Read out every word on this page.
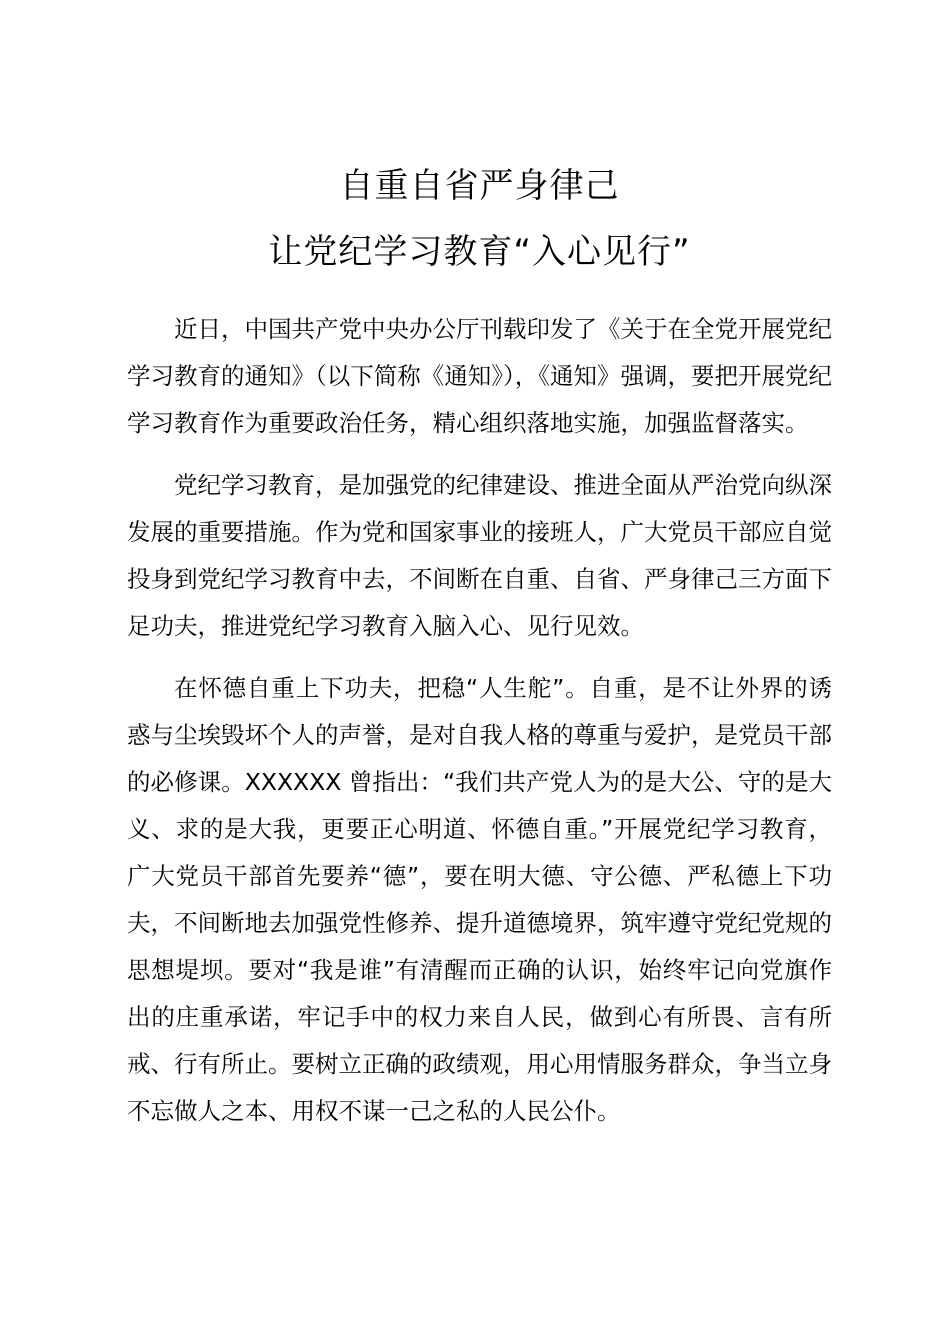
自重自省严身律己
让党纪学习教育“入心见行”

近日，中国共产党中央办公厅刊载印发了《关于在全党开展党纪学习教育的通知》（以下简称《通知》），《通知》强调，要把开展党纪学习教育作为重要政治任务，精心组织落地实施，加强监督落实。

党纪学习教育，是加强党的纪律建设、推进全面从严治党向纵深发展的重要措施。作为党和国家事业的接班人，广大党员干部应自觉投身到党纪学习教育中去，不间断在自重、自省、严身律己三方面下足功夫，推进党纪学习教育入脑入心、见行见效。

在怀德自重上下功夫，把稳“人生舵”。自重，是不让外界的诱惑与尘埃毁坏个人的声誉，是对自我人格的尊重与爱护，是党员干部的必修课。XXXXXX 曾指出：“我们共产党人为的是大公、守的是大义、求的是大我，更要正心明道、怀德自重。”开展党纪学习教育，广大党员干部首先要养“德”，要在明大德、守公德、严私德上下功夫，不间断地去加强党性修养、提升道德境界，筑牢遵守党纪党规的思想堤坝。要对“我是谁”有清醒而正确的认识，始终牢记向党旗作出的庄重承诺，牢记手中的权力来自人民，做到心有所畏、言有所戒、行有所止。要树立正确的政绩观，用心用情服务群众，争当立身不忘做人之本、用权不谋一己之私的人民公仆。
